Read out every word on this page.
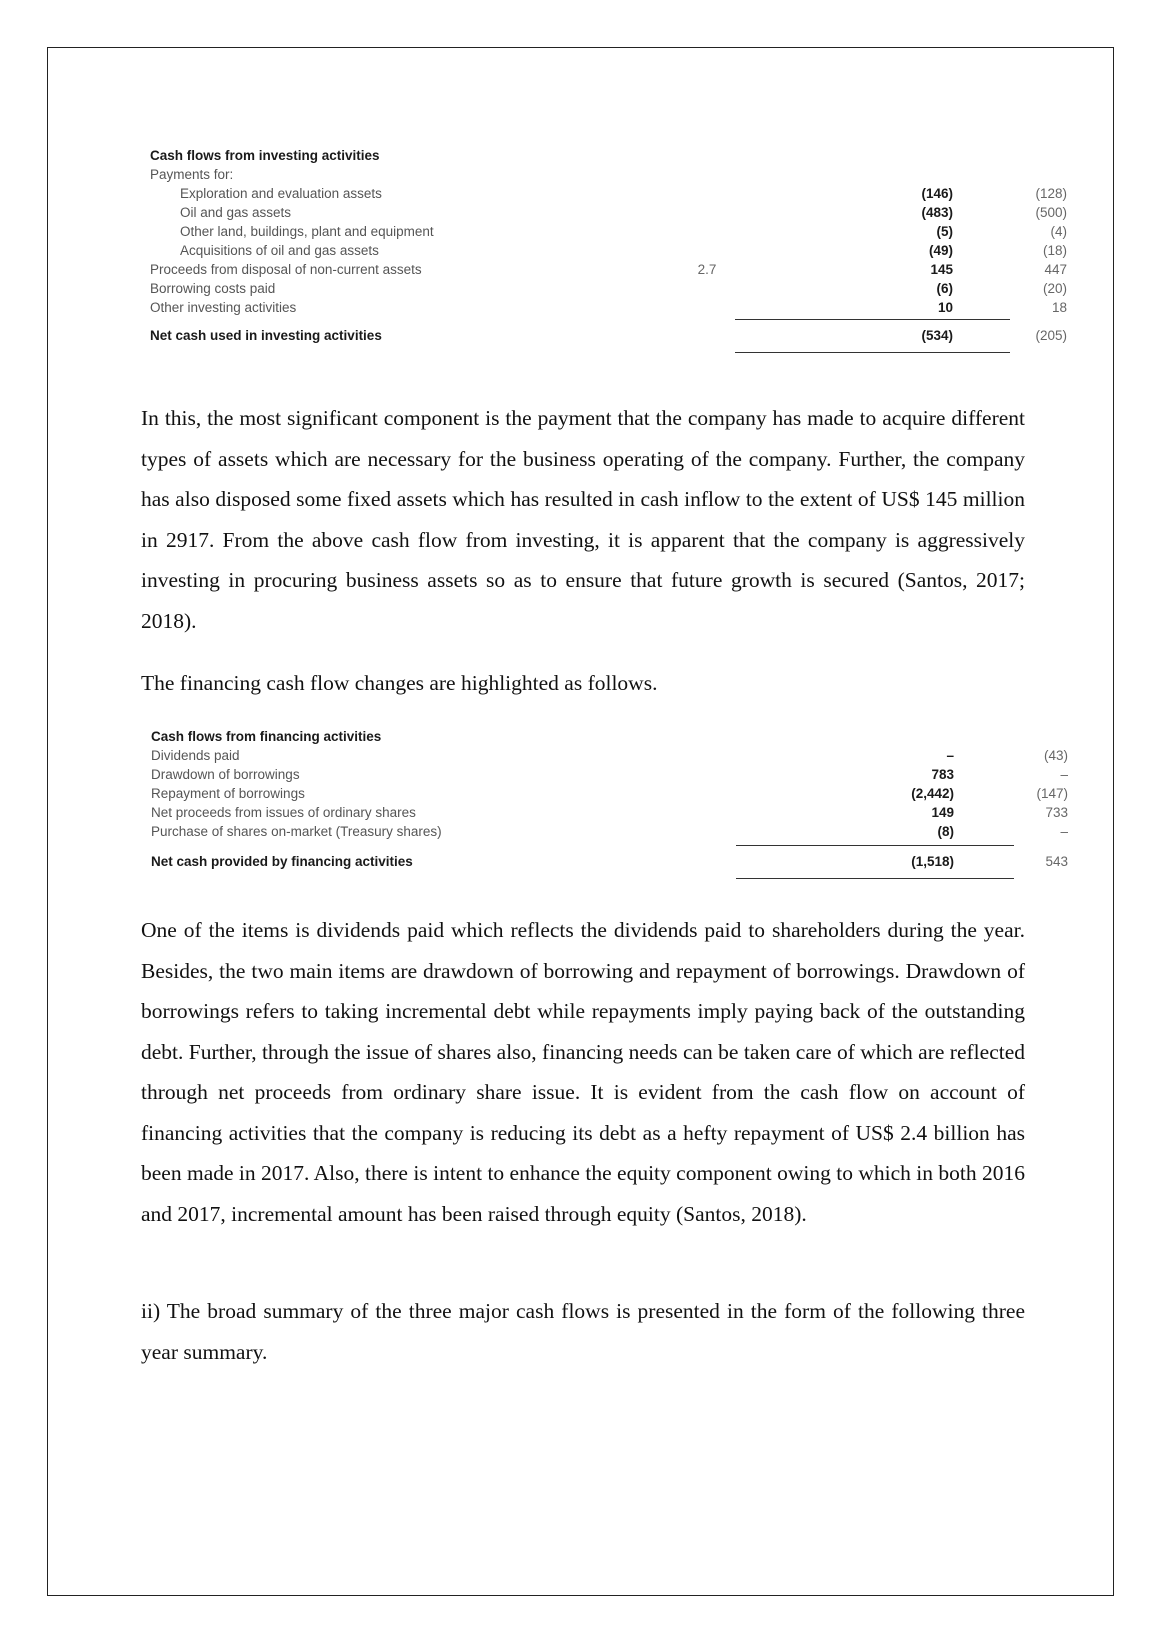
Cash flows from investing activities
Payments for:
Exploration and evaluation assets	(146)	(128)
Oil and gas assets	(483)	(500)
Other land, buildings, plant and equipment	(5)	(4)
Acquisitions of oil and gas assets	(49)	(18)
Proceeds from disposal of non-current assets	2.7	145	447
Borrowing costs paid	(6)	(20)
Other investing activities	10	18
Net cash used in investing activities	(534)	(205)

In this, the most significant component is the payment that the company has made to acquire different types of assets which are necessary for the business operating of the company. Further, the company has also disposed some fixed assets which has resulted in cash inflow to the extent of US$ 145 million in 2917. From the above cash flow from investing, it is apparent that the company is aggressively investing in procuring business assets so as to ensure that future growth is secured (Santos, 2017; 2018).

The financing cash flow changes are highlighted as follows.

Cash flows from financing activities
Dividends paid	–	(43)
Drawdown of borrowings	783	–
Repayment of borrowings	(2,442)	(147)
Net proceeds from issues of ordinary shares	149	733
Purchase of shares on-market (Treasury shares)	(8)	–
Net cash provided by financing activities	(1,518)	543

One of the items is dividends paid which reflects the dividends paid to shareholders during the year. Besides, the two main items are drawdown of borrowing and repayment of borrowings. Drawdown of borrowings refers to taking incremental debt while repayments imply paying back of the outstanding debt. Further, through the issue of shares also, financing needs can be taken care of which are reflected through net proceeds from ordinary share issue. It is evident from the cash flow on account of financing activities that the company is reducing its debt as a hefty repayment of US$ 2.4 billion has been made in 2017. Also, there is intent to enhance the equity component owing to which in both 2016 and 2017, incremental amount has been raised through equity (Santos, 2018).

ii) The broad summary of the three major cash flows is presented in the form of the following three year summary.
